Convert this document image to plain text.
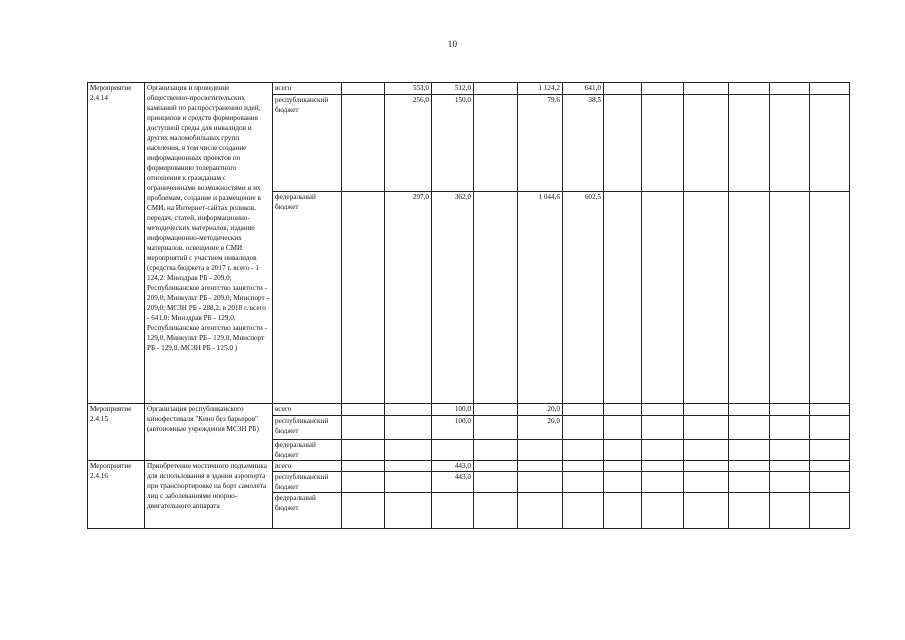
10
Мероприятие 2.4.14	Организация и проведение общественно-просветительских кампаний по распространению идей, принципов и средств формирования доступной среды для инвалидов и других маломобильных групп населения, в том числе создание информационных проектов по формированию толерантного отношения к гражданам с ограниченными возможностями и их проблемам, создание и размещение в СМИ, на Интернет-сайтах роликов, передач, статей, информационно-методических материалов, издание информационно-методических материалов, освещение в СМИ мероприятий с участием инвалидов (средства бюджета в 2017 г. всего - 1 124,2: Минздрав РБ - 209,0; Республиканское агентство занятости - 209,0; Минкульт РБ - 209,0; Минспорт - 209,0; МСЗН РБ - 288,2, в 2018 г. всего - 641,0: Минздрав РБ - 129,0, Республиканское агентство занятости - 129,0, Минкульт РБ - 129,0, Минспорт РБ - 129,0, МСЗН РБ - 125,0 )	всего		553,0	512,0		1 124,2	641,0						
		республиканский бюджет		256,0	150,0		79,6	38,5						
		федеральный бюджет		297,0	362,0		1 044,6	602,5						
Мероприятие 2.4.15	Организация республиканского кинофестиваля "Кино без барьеров" (автономные учреждения МСЗН РБ)	всего			100,0		20,0							
		республиканский бюджет			100,0		20,0							
		федеральный бюджет												
Мероприятие 2.4.16	Приобретение мостичного подъемника для использования в здании аэропорта при транспортировке на борт самолета лиц с заболеваниями опорно-двигательного аппарата	всего			443,0									
		республиканский бюджет			443,0									
		федеральный бюджет												
